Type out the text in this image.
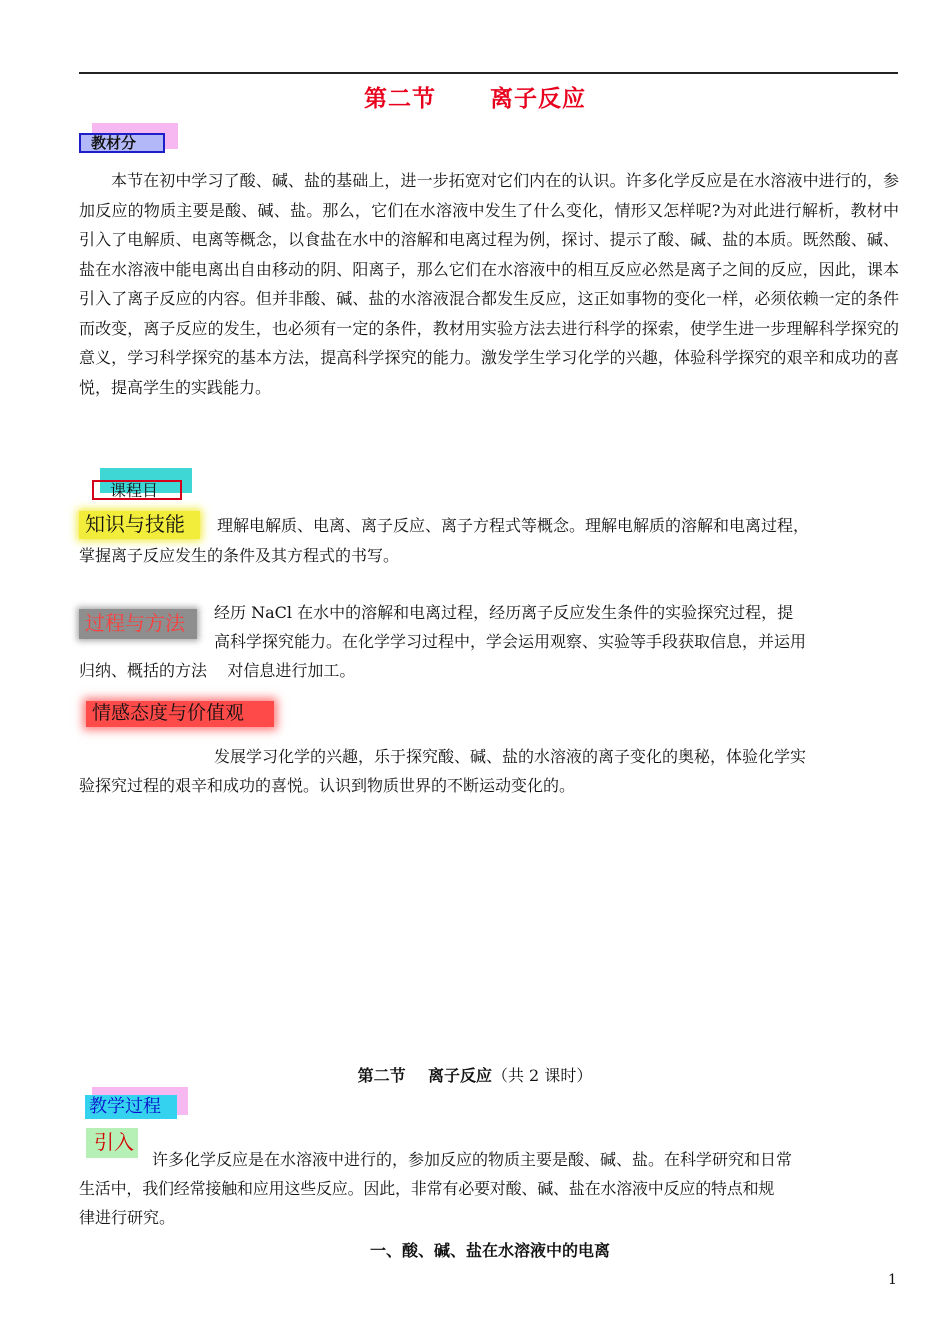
第二节      离子反应
教材分

本节在初中学习了酸、碱、盐的基础上，进一步拓宽对它们内在的认识。许多化学反应是在水溶液中进行的，参加反应的物质主要是酸、碱、盐。那么，它们在水溶液中发生了什么变化，情形又怎样呢?为对此进行解析，教材中引入了电解质、电离等概念，以食盐在水中的溶解和电离过程为例，探讨、提示了酸、碱、盐的本质。既然酸、碱、盐在水溶液中能电离出自由移动的阴、阳离子，那么它们在水溶液中的相互反应必然是离子之间的反应，因此，课本引入了离子反应的内容。但并非酸、碱、盐的水溶液混合都发生反应，这正如事物的变化一样，必须依赖一定的条件而改变，离子反应的发生，也必须有一定的条件，教材用实验方法去进行科学的探索，使学生进一步理解科学探究的意义，学习科学探究的基本方法，提高科学探究的能力。激发学生学习化学的兴趣，体验科学探究的艰辛和成功的喜悦，提高学生的实践能力。

课程目
知识与技能	理解电解质、电离、离子反应、离子方程式等概念。理解电解质的溶解和电离过程，
掌握离子反应发生的条件及其方程式的书写。
过程与方法	经历 NaCl 在水中的溶解和电离过程，经历离子反应发生条件的实验探究过程，提
高科学探究能力。在化学学习过程中，学会运用观察、实验等手段获取信息，并运用
归纳、概括的方法    对信息进行加工。
情感态度与价值观
发展学习化学的兴趣，乐于探究酸、碱、盐的水溶液的离子变化的奥秘，体验化学实
验探究过程的艰辛和成功的喜悦。认识到物质世界的不断运动变化的。
第二节    离子反应（共 2 课时）
教学过程
引入
许多化学反应是在水溶液中进行的，参加反应的物质主要是酸、碱、盐。在科学研究和日常
生活中，我们经常接触和应用这些反应。因此，非常有必要对酸、碱、盐在水溶液中反应的特点和规
律进行研究。
一、酸、碱、盐在水溶液中的电离
1
